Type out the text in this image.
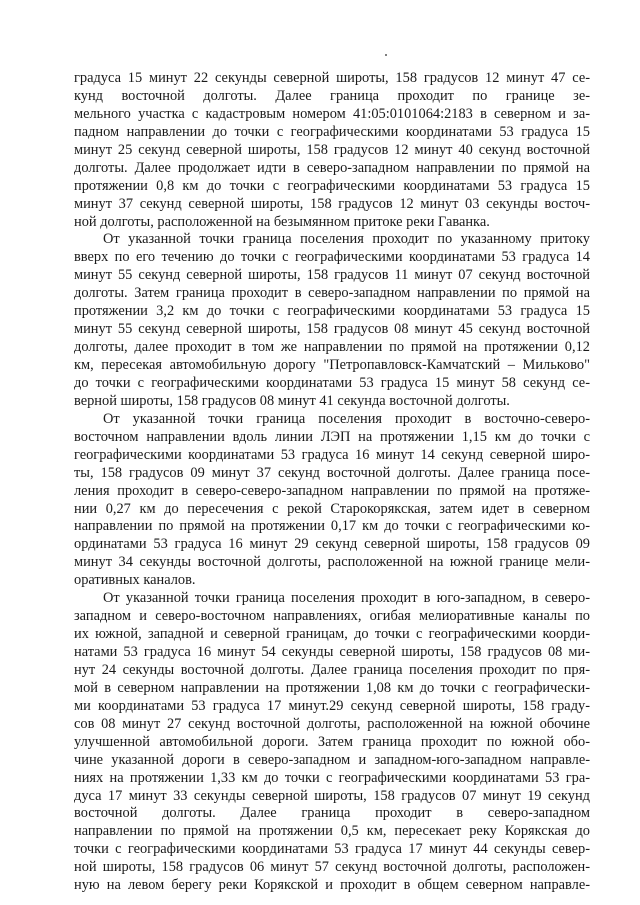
градуса 15 минут 22 секунды северной широты, 158 градусов 12 минут 47 се-
кунд восточной долготы. Далее граница проходит по границе зе-
мельного участка с кадастровым номером 41:05:0101064:2183 в северном и за-
падном направлении до точки с географическими координатами 53 градуса 15
минут 25 секунд северной широты, 158 градусов 12 минут 40 секунд восточной
долготы. Далее продолжает идти в северо-западном направлении по прямой на
протяжении 0,8 км до точки с географическими координатами 53 градуса 15
минут 37 секунд северной широты, 158 градусов 12 минут 03 секунды восточ-
ной долготы, расположенной на безымянном притоке реки Гаванка.
От указанной точки граница поселения проходит по указанному притоку
вверх по его течению до точки с географическими координатами 53 градуса 14
минут 55 секунд северной широты, 158 градусов 11 минут 07 секунд восточной
долготы. Затем граница проходит в северо-западном направлении по прямой на
протяжении 3,2 км до точки с географическими координатами 53 градуса 15
минут 55 секунд северной широты, 158 градусов 08 минут 45 секунд восточной
долготы, далее проходит в том же направлении по прямой на протяжении 0,12
км, пересекая автомобильную дорогу "Петропавловск-Камчатский – Мильково"
до точки с географическими координатами 53 градуса 15 минут 58 секунд се-
верной широты, 158 градусов 08 минут 41 секунда восточной долготы.
От указанной точки граница поселения проходит в восточно-северо-
восточном направлении вдоль линии ЛЭП на протяжении 1,15 км до точки с
географическими координатами 53 градуса 16 минут 14 секунд северной широ-
ты, 158 градусов 09 минут 37 секунд восточной долготы. Далее граница посе-
ления проходит в северо-северо-западном направлении по прямой на протяже-
нии 0,27 км до пересечения с рекой Старокорякская, затем идет в северном
направлении по прямой на протяжении 0,17 км до точки с географическими ко-
ординатами 53 градуса 16 минут 29 секунд северной широты, 158 градусов 09
минут 34 секунды восточной долготы, расположенной на южной границе мели-
оративных каналов.
От указанной точки граница поселения проходит в юго-западном, в северо-
западном и северо-восточном направлениях, огибая мелиоративные каналы по
их южной, западной и северной границам, до точки с географическими коорди-
натами 53 градуса 16 минут 54 секунды северной широты, 158 градусов 08 ми-
нут 24 секунды восточной долготы. Далее граница поселения проходит по пря-
мой в северном направлении на протяжении 1,08 км до точки с географически-
ми координатами 53 градуса 17 минут.29 секунд северной широты, 158 граду-
сов 08 минут 27 секунд восточной долготы, расположенной на южной обочине
улучшенной автомобильной дороги. Затем граница проходит по южной обо-
чине указанной дороги в северо-западном и западном-юго-западном направле-
ниях на протяжении 1,33 км до точки с географическими координатами 53 гра-
дуса 17 минут 33 секунды северной широты, 158 градусов 07 минут 19 секунд
восточной долготы. Далее граница проходит в северо-западном
направлении по прямой на протяжении 0,5 км, пересекает реку Корякская до
точки с географическими координатами 53 градуса 17 минут 44 секунды север-
ной широты, 158 градусов 06 минут 57 секунд восточной долготы, расположен-
ную на левом берегу реки Корякской и проходит в общем северном направле-
